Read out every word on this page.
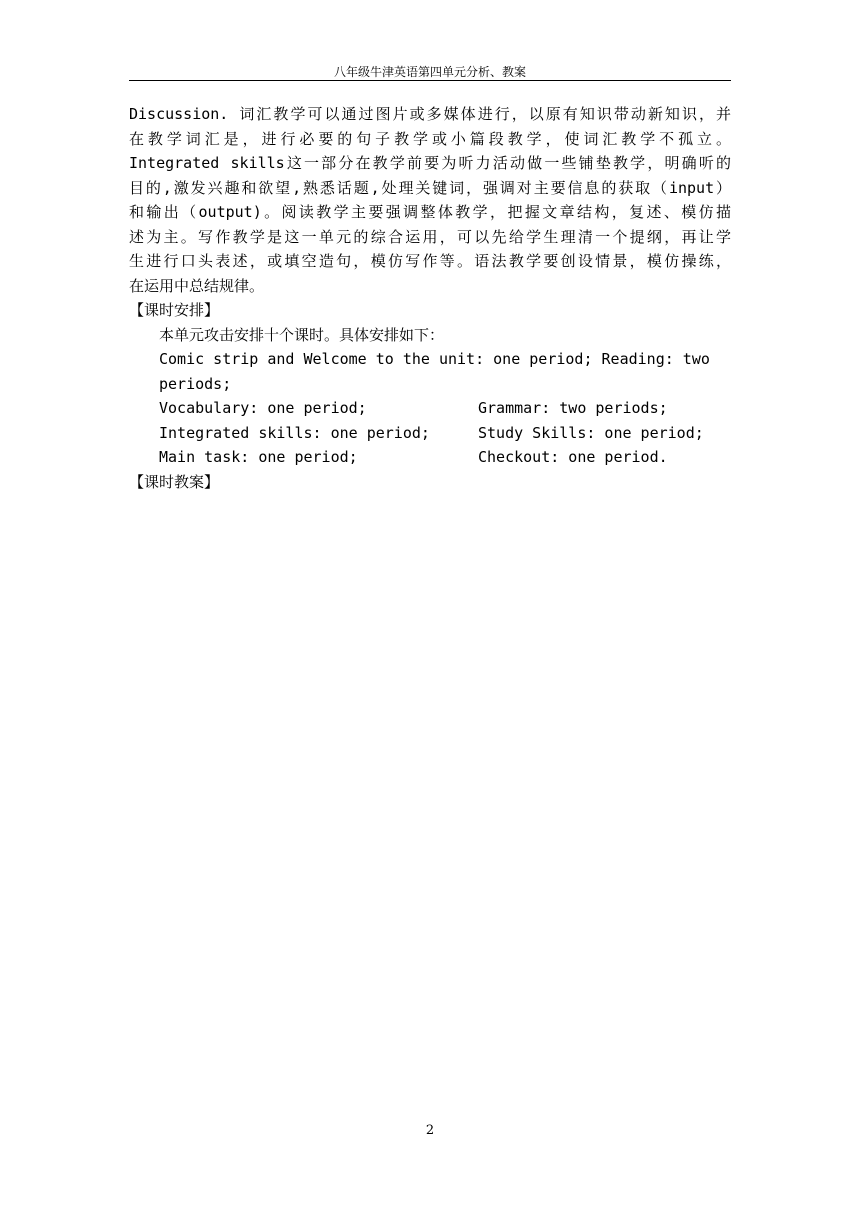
八年级牛津英语第四单元分析、教案
Discussion. 词汇教学可以通过图片或多媒体进行，以原有知识带动新知识，并
在教学词汇是，进行必要的句子教学或小篇段教学，使词汇教学不孤立。
Integrated skills这一部分在教学前要为听力活动做一些铺垫教学，明确听的
目的,激发兴趣和欲望,熟悉话题,处理关键词，强调对主要信息的获取（input）
和输出（output)。阅读教学主要强调整体教学，把握文章结构，复述、模仿描
述为主。写作教学是这一单元的综合运用，可以先给学生理清一个提纲，再让学
生进行口头表述，或填空造句，模仿写作等。语法教学要创设情景，模仿操练，
在运用中总结规律。
【课时安排】
本单元攻击安排十个课时。具体安排如下：
Comic strip and Welcome to the unit: one period; Reading: two
periods;
Vocabulary: one period;	Grammar: two periods;
Integrated skills: one period;	Study Skills: one period;
Main task: one period;	Checkout: one period.
【课时教案】
2
